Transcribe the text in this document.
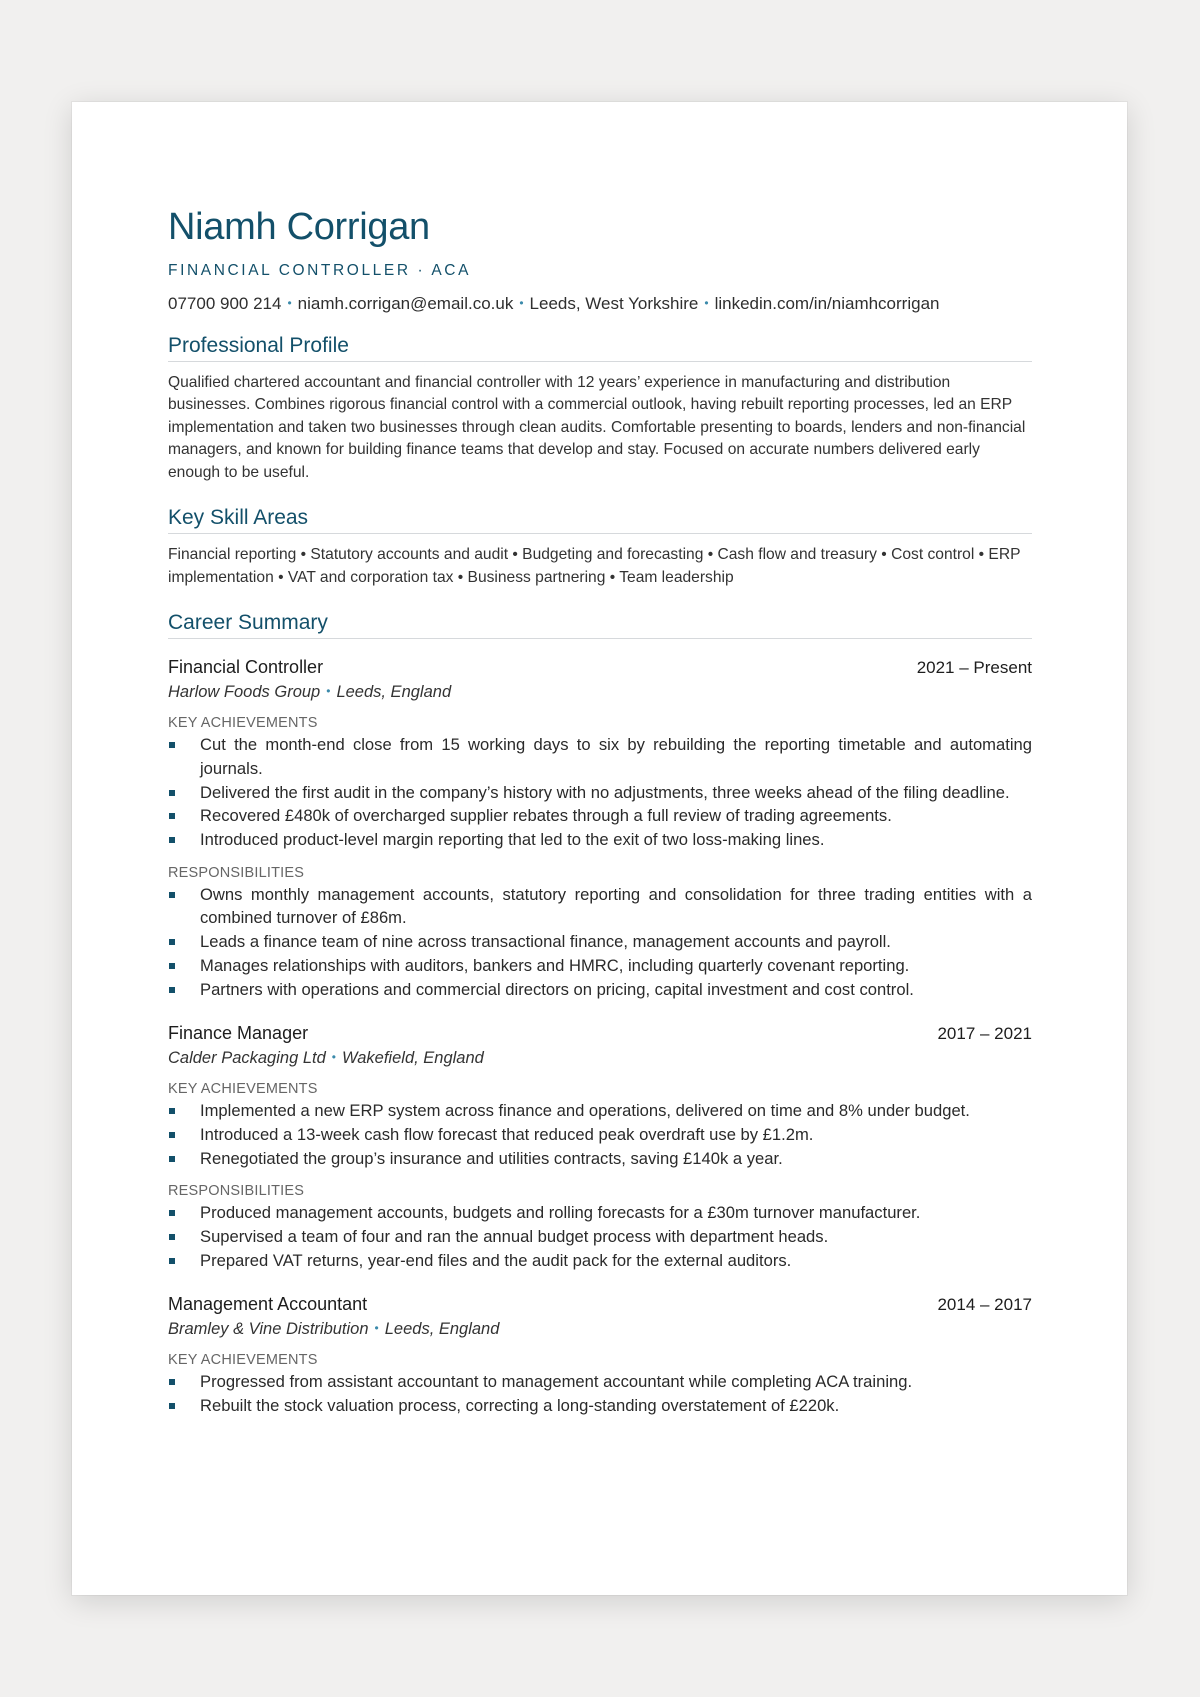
Niamh Corrigan
FINANCIAL CONTROLLER · ACA
07700 900 214 • niamh.corrigan@email.co.uk • Leeds, West Yorkshire • linkedin.com/in/niamhcorrigan
Professional Profile
Qualified chartered accountant and financial controller with 12 years’ experience in manufacturing and distribution businesses. Combines rigorous financial control with a commercial outlook, having rebuilt reporting processes, led an ERP implementation and taken two businesses through clean audits. Comfortable presenting to boards, lenders and non-financial managers, and known for building finance teams that develop and stay. Focused on accurate numbers delivered early enough to be useful.
Key Skill Areas
Financial reporting • Statutory accounts and audit • Budgeting and forecasting • Cash flow and treasury • Cost control • ERP implementation • VAT and corporation tax • Business partnering • Team leadership
Career Summary
Financial Controller	2021 – Present
Harlow Foods Group • Leeds, England
KEY ACHIEVEMENTS
Cut the month-end close from 15 working days to six by rebuilding the reporting timetable and automating journals.
Delivered the first audit in the company’s history with no adjustments, three weeks ahead of the filing deadline.
Recovered £480k of overcharged supplier rebates through a full review of trading agreements.
Introduced product-level margin reporting that led to the exit of two loss-making lines.
RESPONSIBILITIES
Owns monthly management accounts, statutory reporting and consolidation for three trading entities with a combined turnover of £86m.
Leads a finance team of nine across transactional finance, management accounts and payroll.
Manages relationships with auditors, bankers and HMRC, including quarterly covenant reporting.
Partners with operations and commercial directors on pricing, capital investment and cost control.
Finance Manager	2017 – 2021
Calder Packaging Ltd • Wakefield, England
KEY ACHIEVEMENTS
Implemented a new ERP system across finance and operations, delivered on time and 8% under budget.
Introduced a 13-week cash flow forecast that reduced peak overdraft use by £1.2m.
Renegotiated the group’s insurance and utilities contracts, saving £140k a year.
RESPONSIBILITIES
Produced management accounts, budgets and rolling forecasts for a £30m turnover manufacturer.
Supervised a team of four and ran the annual budget process with department heads.
Prepared VAT returns, year-end files and the audit pack for the external auditors.
Management Accountant	2014 – 2017
Bramley & Vine Distribution • Leeds, England
KEY ACHIEVEMENTS
Progressed from assistant accountant to management accountant while completing ACA training.
Rebuilt the stock valuation process, correcting a long-standing overstatement of £220k.
